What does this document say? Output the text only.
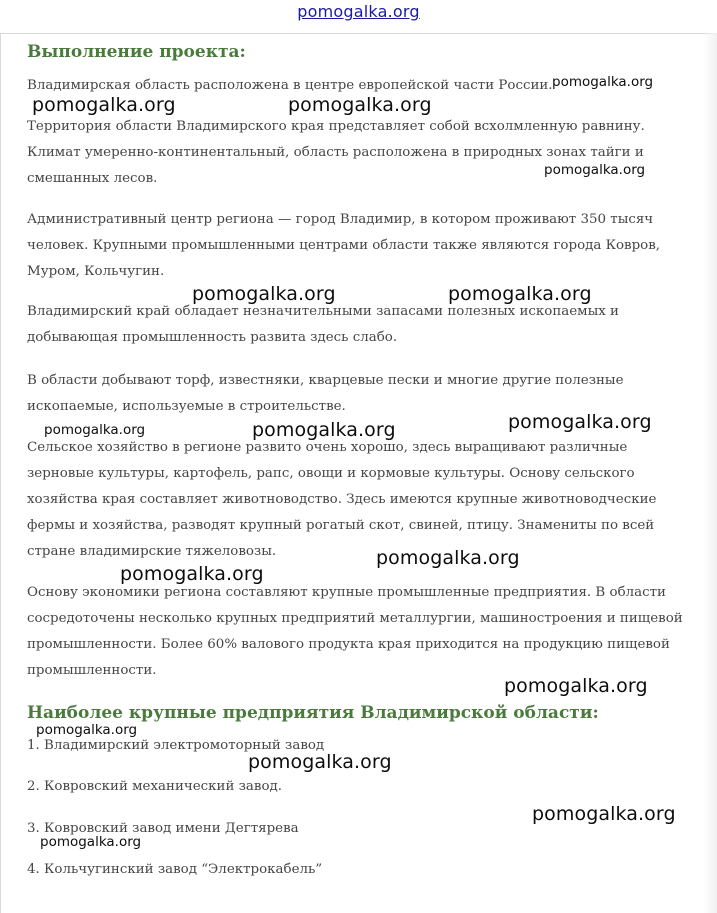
pomogalka.org
Выполнение проекта:

Владимирская область расположена в центре европейской части России.

Территория области Владимирского края представляет собой всхолмленную равнину. Климат умеренно-континентальный, область расположена в природных зонах тайги и смешанных лесов.

Административный центр региона — город Владимир, в котором проживают 350 тысяч человек. Крупными промышленными центрами области также являются города Ковров, Муром, Кольчугин.

Владимирский край обладает незначительными запасами полезных ископаемых и добывающая промышленность развита здесь слабо.

В области добывают торф, известняки, кварцевые пески и многие другие полезные ископаемые, используемые в строительстве.

Сельское хозяйство в регионе развито очень хорошо, здесь выращивают различные зерновые культуры, картофель, рапс, овощи и кормовые культуры. Основу сельского хозяйства края составляет животноводство. Здесь имеются крупные животноводческие фермы и хозяйства, разводят крупный рогатый скот, свиней, птицу. Знамениты по всей стране владимирские тяжеловозы.

Основу экономики региона составляют крупные промышленные предприятия. В области сосредоточены несколько крупных предприятий металлургии, машиностроения и пищевой промышленности. Более 60% валового продукта края приходится на продукцию пищевой промышленности.

Наиболее крупные предприятия Владимирской области:

1. Владимирский электромоторный завод

2. Ковровский механический завод.

3. Ковровский завод имени Дегтярева

4. Кольчугинский завод “Электрокабель”

pomogalka.org
pomogalka.org	pomogalka.org
pomogalka.org
pomogalka.org	pomogalka.org
pomogalka.org
pomogalka.org	pomogalka.org
pomogalka.org
pomogalka.org
pomogalka.org
pomogalka.org
pomogalka.org
pomogalka.org
pomogalka.org
